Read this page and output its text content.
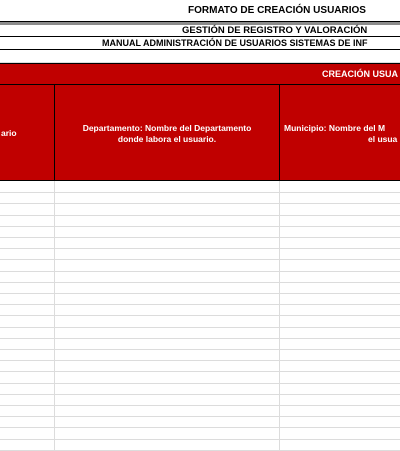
FORMATO DE CREACIÓN USUARIOS
GESTIÓN DE REGISTRO Y VALORACIÓN
MANUAL ADMINISTRACIÓN DE USUARIOS SISTEMAS DE INF
CREACIÓN USUA
ario	Departamento: Nombre del Departamento
donde labora el usuario.
Municipio: Nombre del M
el usua
